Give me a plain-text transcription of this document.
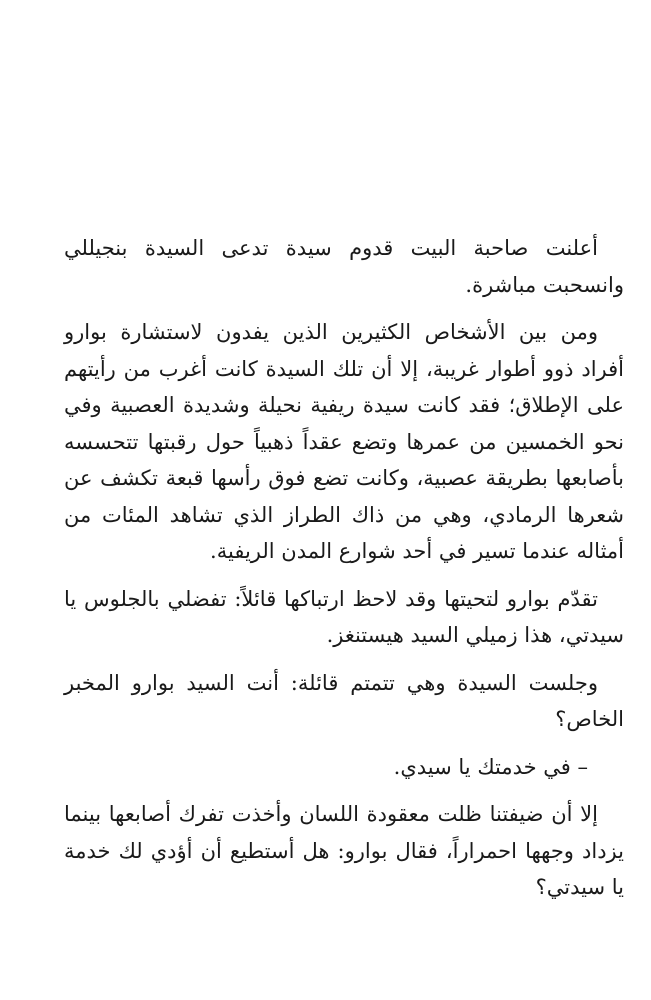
أعلنت صاحبة البيت قدوم سيدة تدعى السيدة بنجيللي وانسحبت مباشرة.

ومن بين الأشخاص الكثيرين الذين يفدون لاستشارة بوارو أفراد ذوو أطوار غريبة، إلا أن تلك السيدة كانت أغرب من رأيتهم على الإطلاق؛ فقد كانت سيدة ريفية نحيلة وشديدة العصبية وفي نحو الخمسين من عمرها وتضع عقداً ذهبياً حول رقبتها تتحسسه بأصابعها بطريقة عصبية، وكانت تضع فوق رأسها قبعة تكشف عن شعرها الرمادي، وهي من ذاك الطراز الذي تشاهد المئات من أمثاله عندما تسير في أحد شوارع المدن الريفية.

تقدّم بوارو لتحيتها وقد لاحظ ارتباكها قائلاً: تفضلي بالجلوس يا سيدتي، هذا زميلي السيد هيستنغز.

وجلست السيدة وهي تتمتم قائلة: أنت السيد بوارو المخبر الخاص؟

– في خدمتك يا سيدي.

إلا أن ضيفتنا ظلت معقودة اللسان وأخذت تفرك أصابعها بينما يزداد وجهها احمراراً، فقال بوارو: هل أستطيع أن أؤدي لك خدمة يا سيدتي؟
